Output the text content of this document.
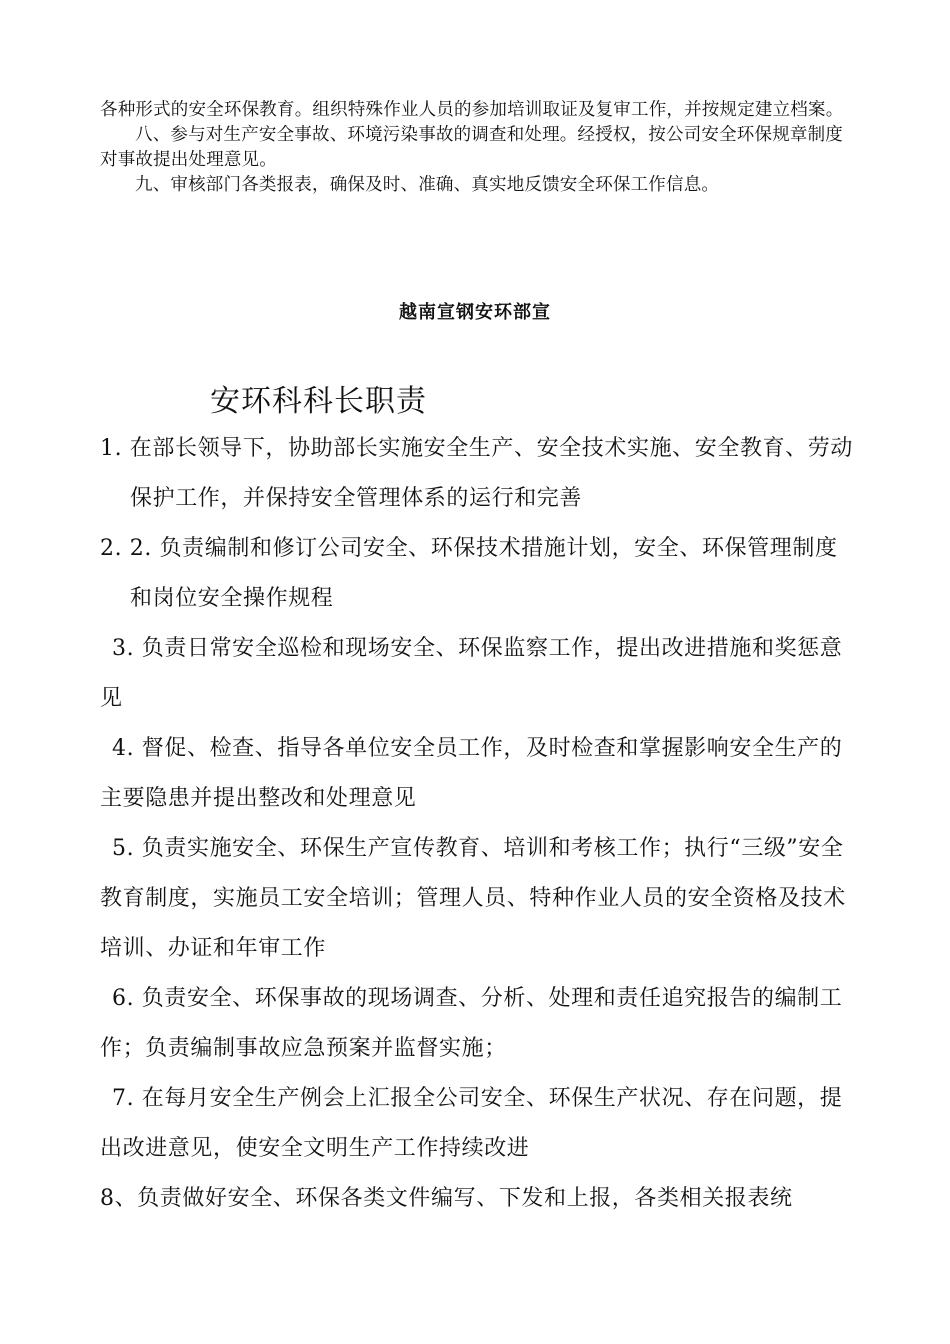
各种形式的安全环保教育。组织特殊作业人员的参加培训取证及复审工作，并按规定建立档案。

八、参与对生产安全事故、环境污染事故的调查和处理。经授权，按公司安全环保规章制度对事故提出处理意见。

九、审核部门各类报表，确保及时、准确、真实地反馈安全环保工作信息。

越南宣钢安环部宣
安环科科长职责

1. 在部长领导下，协助部长实施安全生产、安全技术实施、安全教育、劳动保护工作，并保持安全管理体系的运行和完善

2. 2. 负责编制和修订公司安全、环保技术措施计划，安全、环保管理制度和岗位安全操作规程

3. 负责日常安全巡检和现场安全、环保监察工作，提出改进措施和奖惩意见

4. 督促、检查、指导各单位安全员工作，及时检查和掌握影响安全生产的主要隐患并提出整改和处理意见

5. 负责实施安全、环保生产宣传教育、培训和考核工作；执行“三级”安全教育制度，实施员工安全培训；管理人员、特种作业人员的安全资格及技术培训、办证和年审工作

6. 负责安全、环保事故的现场调查、分析、处理和责任追究报告的编制工作；负责编制事故应急预案并监督实施；

7. 在每月安全生产例会上汇报全公司安全、环保生产状况、存在问题，提出改进意见，使安全文明生产工作持续改进

8、负责做好安全、环保各类文件编写、下发和上报，各类相关报表统
